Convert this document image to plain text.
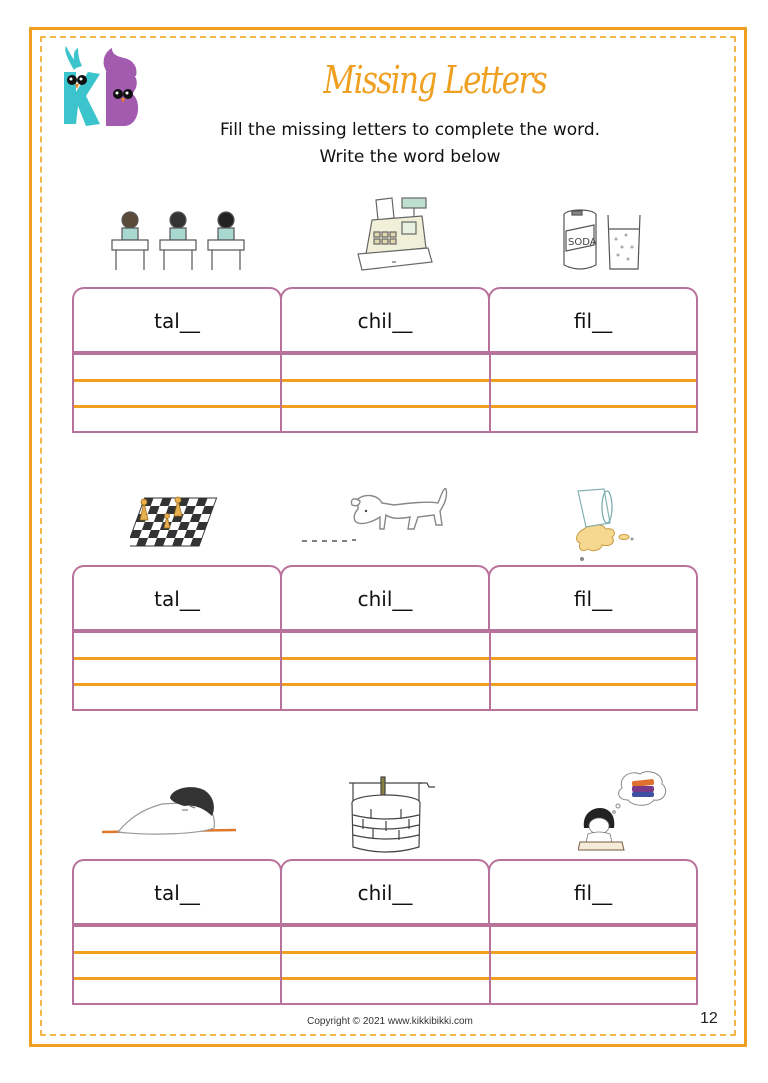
Missing Letters
Fill the missing letters to complete the word.
Write the word below
SODA
tal__	chil__	fil__
tal__	chil__	fil__
tal__	chil__	fil__
Copyright © 2021 www.kikkibikki.com	12
